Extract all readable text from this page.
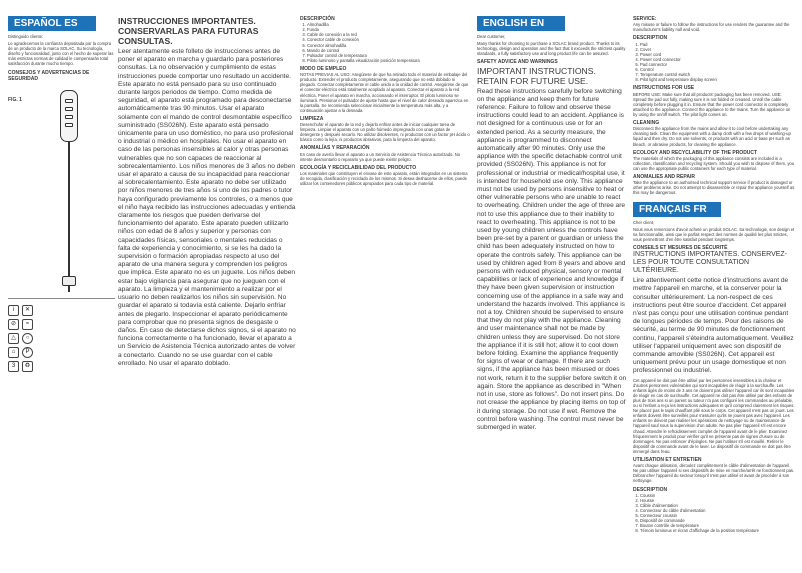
ESPAÑOL ES
Distinguido cliente:
Le agradecemos la confianza depositada por la compra de un producto de la marca SOLAC. Su tecnología, diseño y funcionalidad, junto con el hecho de superar las más estrictas normas de calidad le compensarán total satisfacción durante mucho tiempo.
CONSEJOS Y ADVERTENCIAS DE SEGURIDAD
FIG. 1
i	✕
⊘	≈
△	○
⌂	P
3	♻
INSTRUCCIONES IMPORTANTES. CONSERVARLAS PARA FUTURAS CONSULTAS.
Leer atentamente este folleto de instrucciones antes de poner el aparato en marcha y guardarlo para posteriores consultas. La no observación y cumplimiento de estas instrucciones puede comportar uno resultado un accidente. Este aparato no está pensado para su uso continuado durante largos periodos de tiempo. Como medida de seguridad, el aparato está programado para desconectarse automáticamente tras 90 minutos. Usar el aparato solamente con el mando de control desmontable específico suministrado (SS026N). Este aparato está pensado únicamente para un uso doméstico, no para uso profesional o industrial o médico en hospitales. No usar el aparato en caso de las personas insensibles al calor y otras personas vulnerables que no son capaces de reaccionar al sobrecalentamiento. Los niños menores de 3 años no deben usar el aparato a causa de su incapacidad para reaccionar al sobrecalentamiento. Este aparato no debe ser utilizado por niños menores de tres años si uno de los padres o tutor haya configurado previamente los controles, o a menos que el niño haya recibido las instrucciones adecuadas y entienda claramente los riesgos que pueden derivarse del funcionamiento del aparato. Este aparato pueden utilizarlo niños con edad de 8 años y superior y personas con capacidades físicas, sensoriales o mentales reducidas o falta de experiencia y conocimiento, si se les ha dado la supervisión o formación apropiadas respecto al uso del aparato de una manera segura y comprenden los peligros que implica. Este aparato no es un juguete. Los niños deben estar bajo vigilancia para asegurar que no jueguen con el aparato. La limpieza y el mantenimiento a realizar por el usuario no deben realizarlos los niños sin supervisión. No guardar el aparato si todavía está caliente. Dejarlo enfriar antes de plegarlo. Inspeccionar el aparato periódicamente para comprobar que no presenta signos de desgaste o daños. En caso de detectarse dichos signos, si el aparato no funciona correctamente o ha funcionado, llevar el aparato a un Servicio de Asistencia Técnica autorizado antes de volver a conectarlo. Cuando no se use guardar con el cable enrollado. No usar el aparato doblado.
DESCRIPCIÓN
1. Almohadilla
2. Funda
3. Cable de conexión a la red
4. Conector cable de conexión
5. Conector almohadilla
6. Mando de control
7. Pulsador control de temperatura
8. Piloto luminoso y pantalla visualización posición temperatura
MODO DE EMPLEO
NOTAS PREVIAS AL USO: Asegúrese de que ha retirado todo el material de embalaje del producto. Extender el producto completamente, asegurando que no está doblado ni plegado. Conectar completamente el cable unido a la unidad de control. Asegúrese de que el conector eléctrico está totalmente acoplado al aparato. Conectar el aparato a la red eléctrica. Poner el aparato en marcha, accionando el interruptor. El piloto luminoso se iluminará. Presionar el pulsador de ajuste hasta que el nivel de calor deseado aparezca en la pantalla. Se recomienda seleccionar inicialmente la temperatura más alta, y a continuación ajustar a la deseada.
LIMPIEZA
Desenchufar el aparato de la red y dejarlo enfriar antes de iniciar cualquier tarea de limpieza. Limpiar el aparato con un paño húmedo impregnado con unas gotas de detergente y después secarlo. No utilizar disolventes, ni productos con un factor pH ácido o básico como la lejía, ni productos abrasivos, para la limpieza del aparato.
ANOMALÍAS Y REPARACIÓN
En caso de avería llevar el aparato a un Servicio de Asistencia Técnica autorizado. No intente desmontarlo o repararlo ya que puede existir peligro.
ECOLOGÍA Y RECICLABILIDAD DEL PRODUCTO
Los materiales que constituyen el envase de este aparato, están integrados en un sistema de recogida, clasificación y reciclado de los mismos. Si desea deshacerse de ellos, puede utilizar los contenedores públicos apropiados para cada tipo de material.
ENGLISH EN
Dear customer,
Many thanks for choosing to purchase a SOLAC brand product. Thanks to its technology, design and operation and the fact that it exceeds the strictest quality standards, a fully satisfactory use and long product life can be assured.
SAFETY ADVICE AND WARNINGS
IMPORTANT INSTRUCTIONS. RETAIN FOR FUTURE USE.
Read these instructions carefully before switching on the appliance and keep them for future reference. Failure to follow and observe these instructions could lead to an accident. Appliance is not designed for a continuous use or for an extended period. As a security measure, the appliance is programmed to disconnect automatically after 90 minutes. Only use the appliance with the specific detachable control unit provided (SS026N). This appliance is not for professional or industrial or medical/hospital use, it is intended for household use only. This appliance must not be used by persons insensitive to heat or other vulnerable persons who are unable to react to overheating. Children under the age of three are not to use this appliance due to their inability to react to overheating. This appliance is not to be used by young children unless the controls have been pre-set by a parent or guardian or unless the child has been adequately instructed on how to operate the controls safely. This appliance can be used by children aged from 8 years and above and persons with reduced physical, sensory or mental capabilities or lack of experience and knowledge if they have been given supervision or instruction concerning use of the appliance in a safe way and understand the hazards involved. This appliance is not a toy. Children should be supervised to ensure that they do not play with the appliance. Cleaning and user maintenance shall not be made by children unless they are supervised. Do not store the appliance if it is still hot; allow it to cool down before folding. Examine the appliance frequently for signs of wear or damage. If there are such signs, if the appliance has been misused or does not work, return it to the supplier before switch it on again. Store the appliance as described in "When not in use, store as follows". Do not insert pins. Do not crease the appliance by placing items on top of it during storage. Do not use if wet. Remove the control before washing. The control must never be submerged in water.
SERVICE:
Any misuse or failure to follow the instructions for use renders the guarantee and the manufacturer's liability null and void.
DESCRIPTION
1. Pad
2. Cover
3. Power cord
4. Power cord connector
5. Pad connector
6. Control
7. Temperature control switch
8. Pilot light and temperature display screen
INSTRUCTIONS FOR USE
BEFORE USE: Make sure that all products' packaging has been removed. USE: Spread the pad out fully, making sure it is not folded or creased. Unroll the cable completely before plugging it in. Ensure that the power cord connector is completely attached to the appliance. Connect the appliance to the mains. Turn the appliance on by using the on/off switch. The pilot light comes on.
CLEANING
Disconnect the appliance from the mains and allow it to cool before undertaking any cleaning task. Clean the equipment with a damp cloth with a few drops of washing-up liquid and then dry. Do not use solvents, or products with an acid or base pH such as bleach, or abrasive products, for cleaning the appliance.
ECOLOGY AND RECYCLABILITY OF THE PRODUCT
The materials of which the packaging of this appliance consists are included in a collection, classification and recycling system. Should you wish to dispose of them, you can use the appropriate public containers for each type of material.
ANOMALIES AND REPAIR
Take the appliance to an authorised technical support service if product is damaged or other problems arise. Do not attempt to disassemble or repair the appliance yourself as this may be dangerous.
FRANÇAIS FR
Cher client,
Nous vous remercions d'avoir acheté un produit SOLAC. Sa technologie, son design et sa fonctionnalité, ainsi que le parfait respect des normes de qualité les plus strictes, vous permettront d'en être satisfait pendant longtemps.
CONSEILS ET MESURES DE SÉCURITÉ
INSTRUCTIONS IMPORTANTES. CONSERVEZ-LES POUR TOUTE CONSULTATION ULTÉRIEURE.
Lire attentivement cette notice d'instructions avant de mettre l'appareil en marche, et la conserver pour la consulter ultérieurement. La non-respect de ces instructions peut être source d'accident. Cet appareil n'est pas conçu pour une utilisation continue pendant de longues périodes de temps. Pour des raisons de sécurité, au terme de 90 minutes de fonctionnement continu, l'appareil s'éteindra automatiquement. Veuillez utiliser l'appareil uniquement avec son dispositif de commande amovible (SS026N). Cet appareil est uniquement prévu pour un usage domestique et non professionnel ou industriel.
Cet appareil ne doit pas être utilisé par les personnes insensibles à la chaleur et d'autres personnes vulnérables qui sont incapables de réagir à la surchauffe. Les enfants âgés de moins de 3 ans ne doivent pas utiliser l'appareil car ils sont incapables de réagir en cas de surchauffe. Cet appareil ne doit pas être utilisé par des enfants de plus de trois ans si un parent ou tuteur n'a pas configuré les commandes au préalable, ou si l'enfant a reçu les instructions adéquates et qu'il comprend clairement les risques. Ne placez pas le tapis chauffant plié sous le corps. Cet appareil n'est pas un jouet. Les enfants doivent être surveillés pour s'assurer qu'ils ne jouent pas avec l'appareil. Les enfants ne doivent pas réaliser les opérations de nettoyage ou de maintenance de l'appareil sauf sous la supervision d'un adulte. Ne pas plier l'appareil s'il est encore chaud. Attendre le refroidissement complet de l'appareil avant de le plier. Examinez fréquemment le produit pour vérifier qu'il ne présente pas de signes d'usure ou de dommages. Ne pas enfoncer d'épingles. Ne pas l'utiliser s'il est mouillé. Retirer le dispositif de commande avant de le laver. Le dispositif de commande ne doit pas être immergé dans l'eau.
UTILISATION ET ENTRETIEN
Avant chaque utilisation, déroulez complètement le câble d'alimentation de l'appareil. Ne pas utiliser l'appareil si ses dispositifs de mise en marche/arrêt ne fonctionnent pas. Débrancher l'appareil du secteur lorsqu'il n'est pas utilisé et avant de procéder à son nettoyage.
DESCRIPTION
1. Coussin
2. Housse
3. Câble d'alimentation
4. Connecteur du câble d'alimentation
5. Connecteur coussin
6. Dispositif de commande
7. Bouton contrôle de température
8. Témoin lumineux et écran d'affichage de la position température
